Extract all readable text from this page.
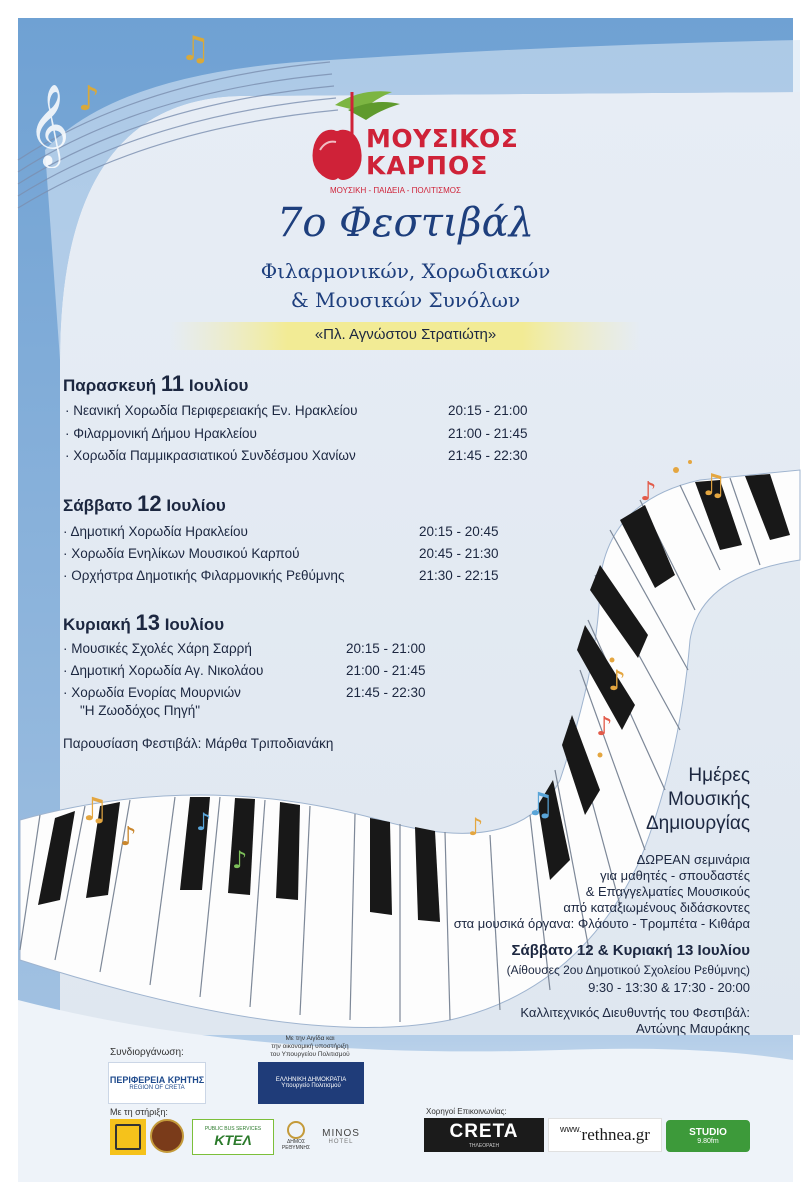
𝄞 ♪
♫
♪ ♫
♪
♪
♫
♪
♫
♪ ♪
♪
ΜΟΥΣΙΚΟΣ
ΚΑΡΠΟΣ
ΜΟΥΣΙΚΗ - ΠΑΙΔΕΙΑ - ΠΟΛΙΤΙΣΜΟΣ
7ο Φεστιβάλ
Φιλαρμονικών, Χορωδιακών
& Μουσικών Συνόλων
«Πλ. Αγνώστου Στρατιώτη»
Παρασκευή 11 Ιουλίου
· Νεανική Χορωδία Περιφερειακής Εν. Ηρακλείου	20:15 - 21:00
· Φιλαρμονική Δήμου Ηρακλείου	21:00 - 21:45
· Χορωδία Παμμικρασιατικού Συνδέσμου Χανίων	21:45 - 22:30
Σάββατο 12 Ιουλίου
· Δημοτική Χορωδία Ηρακλείου	20:15 - 20:45
· Χορωδία Ενηλίκων Μουσικού Καρπού	20:45 - 21:30
· Ορχήστρα Δημοτικής Φιλαρμονικής Ρεθύμνης	21:30 - 22:15
Κυριακή 13 Ιουλίου
· Μουσικές Σχολές Χάρη Σαρρή	20:15 - 21:00
· Δημοτική Χορωδία Αγ. Νικολάου	21:00 - 21:45
· Χορωδία Ενορίας Μουρνιών	21:45 - 22:30
"Η Ζωοδόχος Πηγή"
Παρουσίαση Φεστιβάλ: Μάρθα Τριποδιανάκη
Ημέρες
Μουσικής
Δημιουργίας
ΔΩΡΕΑΝ σεμινάρια
για μαθητές - σπουδαστές
& Επαγγελματίες Μουσικούς
από καταξιωμένους διδάσκοντες
στα μουσικά όργανα: Φλάουτο - Τρομπέτα - Κιθάρα
Σάββατο 12 & Κυριακή 13 Ιουλίου
(Αίθουσες 2ου Δημοτικού Σχολείου Ρεθύμνης)
9:30 - 13:30 & 17:30 - 20:00
Καλλιτεχνικός Διευθυντής του Φεστιβάλ:
Αντώνης Μαυράκης
Συνδιοργάνωση:
ΠΕΡΙΦΕΡΕΙΑ ΚΡΗΤΗΣ
REGION OF CRETA
Με την Αιγίδα και
την οικονομική υποστήριξη
του Υπουργείου Πολιτισμού
ΕΛΛΗΝΙΚΗ ΔΗΜΟΚΡΑΤΙΑ
Υπουργείο Πολιτισμού
Με τη στήριξη:
PUBLIC BUS SERVICES
ΚΤΕΛ	ΔΗΜΟΣ ΡΕΘΥΜΝΗΣ
MINOS
HOTEL
Χορηγοί Επικοινωνίας:
CRETA
ΤΗΛΕΟΡΑΣΗ
www. rethnea.gr	STUDIO
9.80fm
